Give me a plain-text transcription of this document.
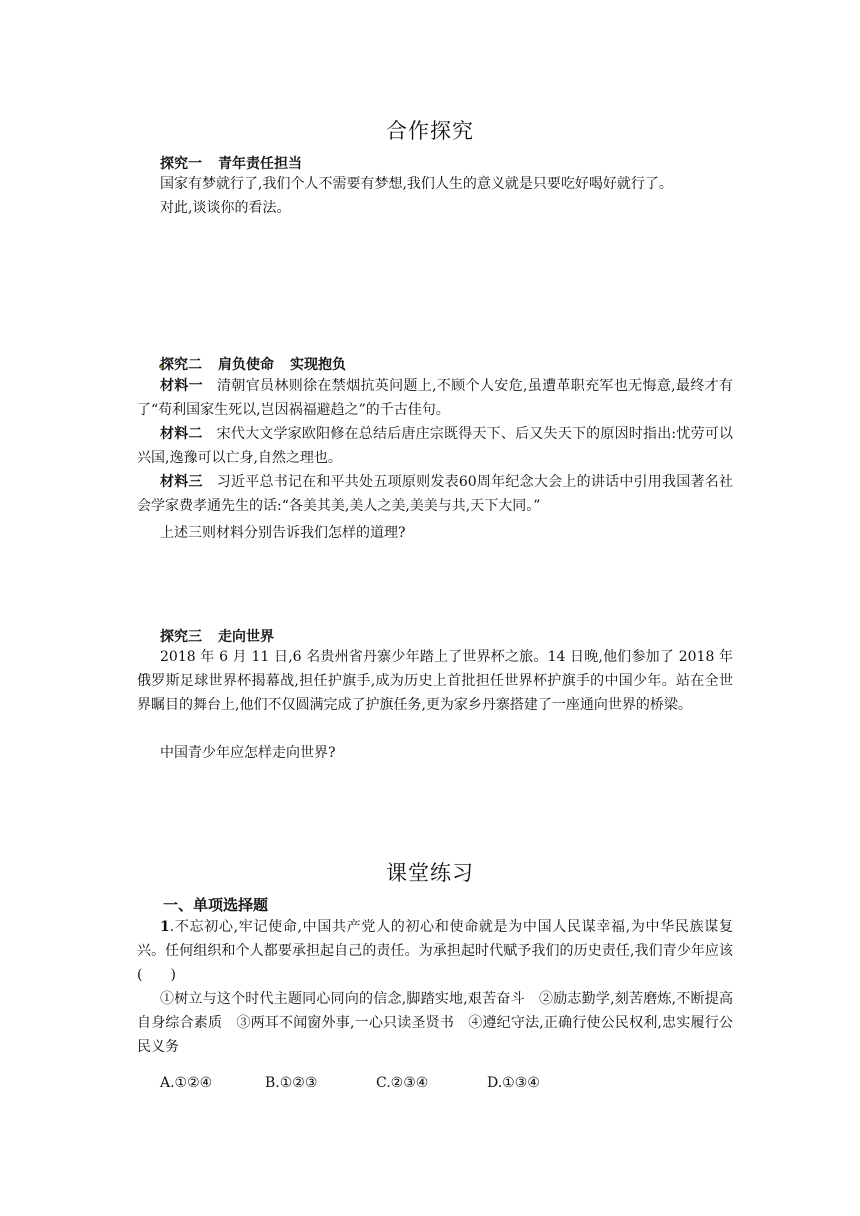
合作探究
探究一 青年责任担当
国家有梦就行了,我们个人不需要有梦想,我们人生的意义就是只要吃好喝好就行了。
对此,谈谈你的看法。
探究二 肩负使命 实现抱负
材料一 清朝官员林则徐在禁烟抗英问题上,不顾个人安危,虽遭革职充军也无悔意,最终才有了“苟利国家生死以,岂因祸福避趋之”的千古佳句。
材料二 宋代大文学家欧阳修在总结后唐庄宗既得天下、后又失天下的原因时指出:忧劳可以兴国,逸豫可以亡身,自然之理也。
材料三 习近平总书记在和平共处五项原则发表60周年纪念大会上的讲话中引用我国著名社会学家费孝通先生的话:“各美其美,美人之美,美美与共,天下大同。”
上述三则材料分别告诉我们怎样的道理?
探究三 走向世界
2018 年 6 月 11 日,6 名贵州省丹寨少年踏上了世界杯之旅。14 日晚,他们参加了 2018 年俄罗斯足球世界杯揭幕战,担任护旗手,成为历史上首批担任世界杯护旗手的中国少年。站在全世界瞩目的舞台上,他们不仅圆满完成了护旗任务,更为家乡丹寨搭建了一座通向世界的桥梁。
中国青少年应怎样走向世界?
课堂练习
一、单项选择题
1.不忘初心,牢记使命,中国共产党人的初心和使命就是为中国人民谋幸福,为中华民族谋复兴。任何组织和个人都要承担起自己的责任。为承担起时代赋予我们的历史责任,我们青少年应该(　　)
①树立与这个时代主题同心同向的信念,脚踏实地,艰苦奋斗　②励志勤学,刻苦磨炼,不断提高自身综合素质　③两耳不闻窗外事,一心只读圣贤书　④遵纪守法,正确行使公民权利,忠实履行公民义务
A.①②④	B.①②③	C.②③④	D.①③④
